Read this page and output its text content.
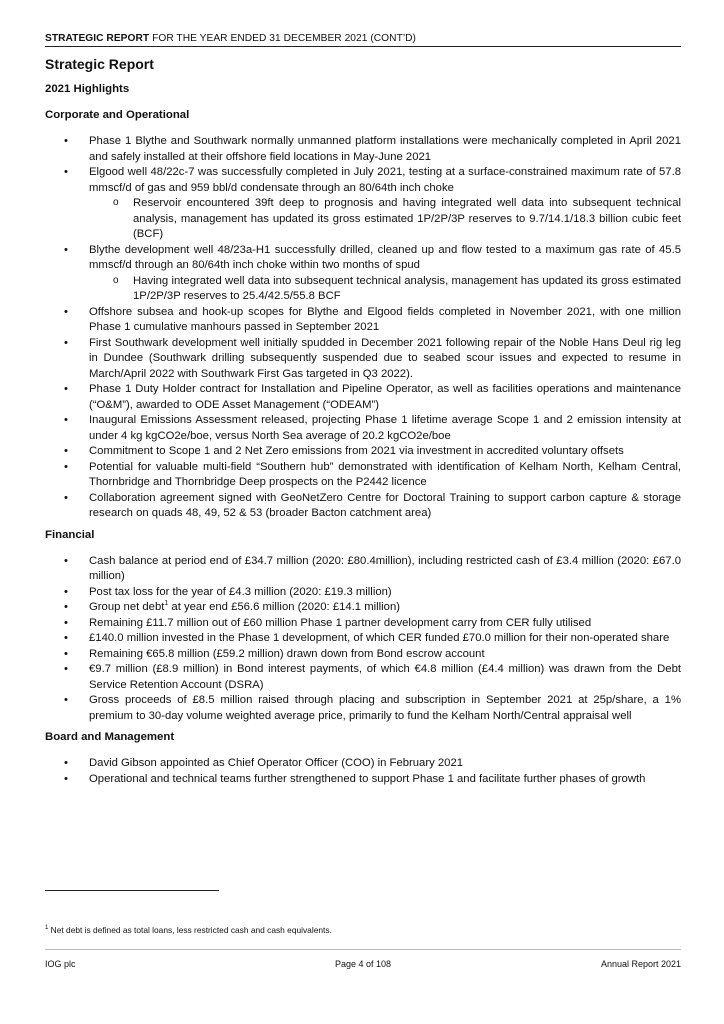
STRATEGIC REPORT FOR THE YEAR ENDED 31 DECEMBER 2021 (CONT’D)
Strategic Report
2021 Highlights
Corporate and Operational
• Phase 1 Blythe and Southwark normally unmanned platform installations were mechanically completed in April 2021 and safely installed at their offshore field locations in May-June 2021
• Elgood well 48/22c-7 was successfully completed in July 2021, testing at a surface-constrained maximum rate of 57.8 mmscf/d of gas and 959 bbl/d condensate through an 80/64th inch choke
o Reservoir encountered 39ft deep to prognosis and having integrated well data into subsequent technical analysis, management has updated its gross estimated 1P/2P/3P reserves to 9.7/14.1/18.3 billion cubic feet (BCF)
• Blythe development well 48/23a-H1 successfully drilled, cleaned up and flow tested to a maximum gas rate of 45.5 mmscf/d through an 80/64th inch choke within two months of spud
o Having integrated well data into subsequent technical analysis, management has updated its gross estimated 1P/2P/3P reserves to 25.4/42.5/55.8 BCF
• Offshore subsea and hook-up scopes for Blythe and Elgood fields completed in November 2021, with one million Phase 1 cumulative manhours passed in September 2021
• First Southwark development well initially spudded in December 2021 following repair of the Noble Hans Deul rig leg in Dundee (Southwark drilling subsequently suspended due to seabed scour issues and expected to resume in March/April 2022 with Southwark First Gas targeted in Q3 2022).
• Phase 1 Duty Holder contract for Installation and Pipeline Operator, as well as facilities operations and maintenance (“O&M”), awarded to ODE Asset Management (“ODEAM”)
• Inaugural Emissions Assessment released, projecting Phase 1 lifetime average Scope 1 and 2 emission intensity at under 4 kg kgCO2e/boe, versus North Sea average of 20.2 kgCO2e/boe
• Commitment to Scope 1 and 2 Net Zero emissions from 2021 via investment in accredited voluntary offsets
• Potential for valuable multi-field “Southern hub” demonstrated with identification of Kelham North, Kelham Central, Thornbridge and Thornbridge Deep prospects on the P2442 licence
• Collaboration agreement signed with GeoNetZero Centre for Doctoral Training to support carbon capture & storage research on quads 48, 49, 52 & 53 (broader Bacton catchment area)
Financial
• Cash balance at period end of £34.7 million (2020: £80.4million), including restricted cash of £3.4 million (2020: £67.0 million)
• Post tax loss for the year of £4.3 million (2020: £19.3 million)
• Group net debt$^1$ at year end £56.6 million (2020: £14.1 million)
• Remaining £11.7 million out of £60 million Phase 1 partner development carry from CER fully utilised
• £140.0 million invested in the Phase 1 development, of which CER funded £70.0 million for their non-operated share
• Remaining €65.8 million (£59.2 million) drawn down from Bond escrow account
• €9.7 million (£8.9 million) in Bond interest payments, of which €4.8 million (£4.4 million) was drawn from the Debt Service Retention Account (DSRA)
• Gross proceeds of £8.5 million raised through placing and subscription in September 2021 at 25p/share, a 1% premium to 30-day volume weighted average price, primarily to fund the Kelham North/Central appraisal well
Board and Management
• David Gibson appointed as Chief Operator Officer (COO) in February 2021
• Operational and technical teams further strengthened to support Phase 1 and facilitate further phases of growth
$^1$ Net debt is defined as total loans, less restricted cash and cash equivalents.
IOG plc	Page 4 of 108	Annual Report 2021
